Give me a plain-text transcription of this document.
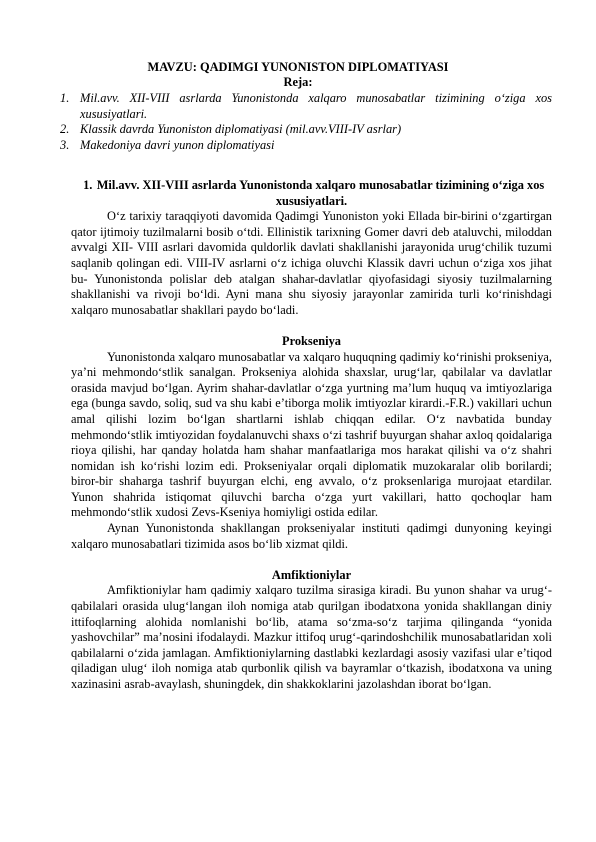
MAVZU: QADIMGI YUNONISTON DIPLOMATIYASI
Reja:
1. Mil.avv. XII-VIII asrlarda Yunonistonda xalqaro munosabatlar tizimining o‘ziga xos xususiyatlari.
2. Klassik davrda Yunoniston diplomatiyasi (mil.avv.VIII-IV asrlar)
3. Makedoniya davri yunon diplomatiyasi
1. Mil.avv. XII-VIII asrlarda Yunonistonda xalqaro munosabatlar tizimining o‘ziga xos xususiyatlari.

O‘z tarixiy taraqqiyoti davomida Qadimgi Yunoniston yoki Ellada bir-birini o‘zgartirgan qator ijtimoiy tuzilmalarni bosib o‘tdi. Ellinistik tarixning Gomer davri deb ataluvchi, miloddan avvalgi XII- VIII asrlari davomida quldorlik davlati shakllanishi jarayonida urug‘chilik tuzumi saqlanib qolingan edi. VIII-IV asrlarni o‘z ichiga oluvchi Klassik davri uchun o‘ziga xos jihat bu- Yunonistonda polislar deb atalgan shahar-davlatlar qiyofasidagi siyosiy tuzilmalarning shakllanishi va rivoji bo‘ldi. Ayni mana shu siyosiy jarayonlar zamirida turli ko‘rinishdagi xalqaro munosabatlar shakllari paydo bo‘ladi.

Prokseniya

Yunonistonda xalqaro munosabatlar va xalqaro huquqning qadimiy ko‘rinishi prokseniya, ya’ni mehmondo‘stlik sanalgan. Prokseniya alohida shaxslar, urug‘lar, qabilalar va davlatlar orasida mavjud bo‘lgan. Ayrim shahar-davlatlar o‘zga yurtning ma’lum huquq va imtiyozlariga ega (bunga savdo, soliq, sud va shu kabi e’tiborga molik imtiyozlar kirardi.-F.R.) vakillari uchun amal qilishi lozim bo‘lgan shartlarni ishlab chiqqan edilar. O‘z navbatida bunday mehmondo‘stlik imtiyozidan foydalanuvchi shaxs o‘zi tashrif buyurgan shahar axloq qoidalariga rioya qilishi, har qanday holatda ham shahar manfaatlariga mos harakat qilishi va o‘z shahri nomidan ish ko‘rishi lozim edi. Prokseniyalar orqali diplomatik muzokaralar olib borilardi; biror-bir shaharga tashrif buyurgan elchi, eng avvalo, o‘z proksenlariga murojaat etardilar. Yunon shahrida istiqomat qiluvchi barcha o‘zga yurt vakillari, hatto qochoqlar ham mehmondo‘stlik xudosi Zevs-Kseniya homiyligi ostida edilar.

Aynan Yunonistonda shakllangan prokseniyalar instituti qadimgi dunyoning keyingi xalqaro munosabatlari tizimida asos bo‘lib xizmat qildi.

Amfiktioniylar

Amfiktioniylar ham qadimiy xalqaro tuzilma sirasiga kiradi. Bu yunon shahar va urug‘-qabilalari orasida ulug‘langan iloh nomiga atab qurilgan ibodatxona yonida shakllangan diniy ittifoqlarning alohida nomlanishi bo‘lib, atama so‘zma-so‘z tarjima qilinganda “yonida yashovchilar” ma’nosini ifodalaydi. Mazkur ittifoq urug‘-qarindoshchilik munosabatlaridan xoli qabilalarni o‘zida jamlagan. Amfiktioniylarning dastlabki kezlardagi asosiy vazifasi ular e’tiqod qiladigan ulug‘ iloh nomiga atab qurbonlik qilish va bayramlar o‘tkazish, ibodatxona va uning xazinasini asrab-avaylash, shuningdek, din shakkoklarini jazolashdan iborat bo‘lgan.
